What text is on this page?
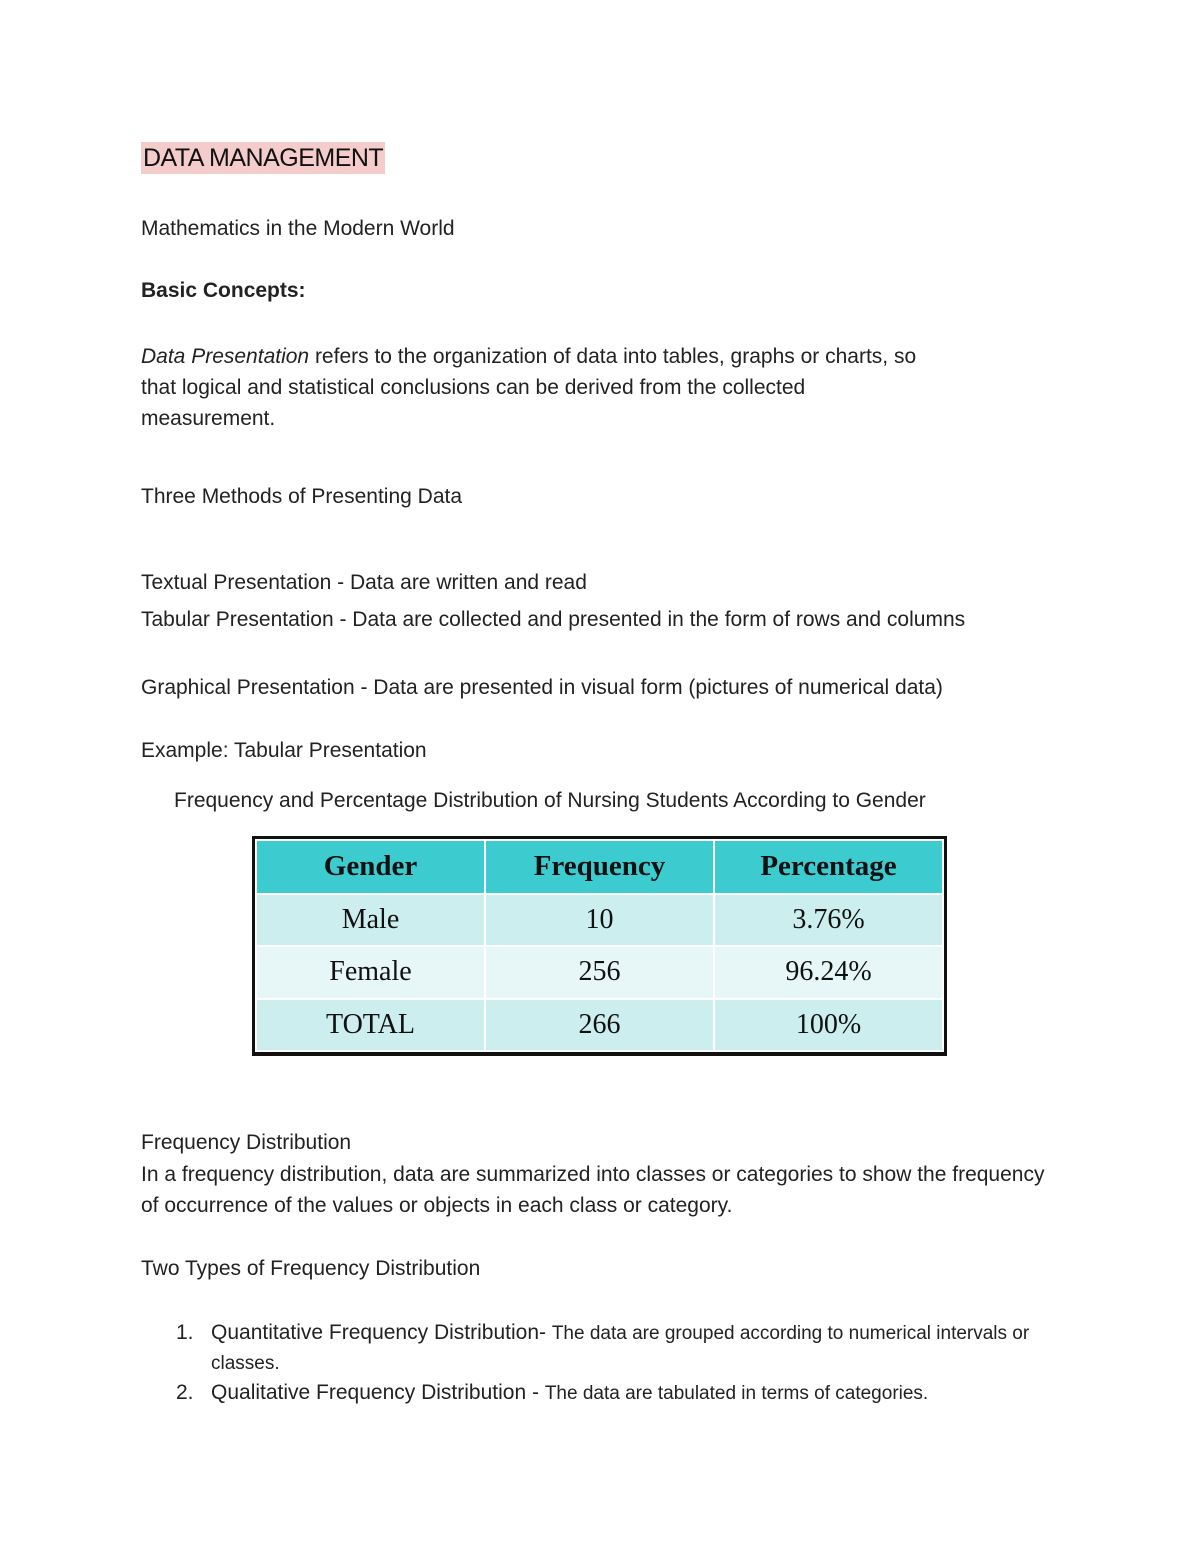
DATA MANAGEMENT
Mathematics in the Modern World
Basic Concepts:
Data Presentation refers to the organization of data into tables, graphs or charts, so that logical and statistical conclusions can be derived from the collected measurement.
Three Methods of Presenting Data
Textual Presentation - Data are written and read
Tabular Presentation - Data are collected and presented in the form of rows and columns
Graphical Presentation - Data are presented in visual form (pictures of numerical data)
Example: Tabular Presentation
Frequency and Percentage Distribution of Nursing Students According to Gender
Gender	Frequency	Percentage
Male	10	3.76%
Female	256	96.24%
TOTAL	266	100%
Frequency Distribution
In a frequency distribution, data are summarized into classes or categories to show the frequency of occurrence of the values or objects in each class or category.
Two Types of Frequency Distribution
1. Quantitative Frequency Distribution- The data are grouped according to numerical intervals or classes.
2. Qualitative Frequency Distribution - The data are tabulated in terms of categories.
